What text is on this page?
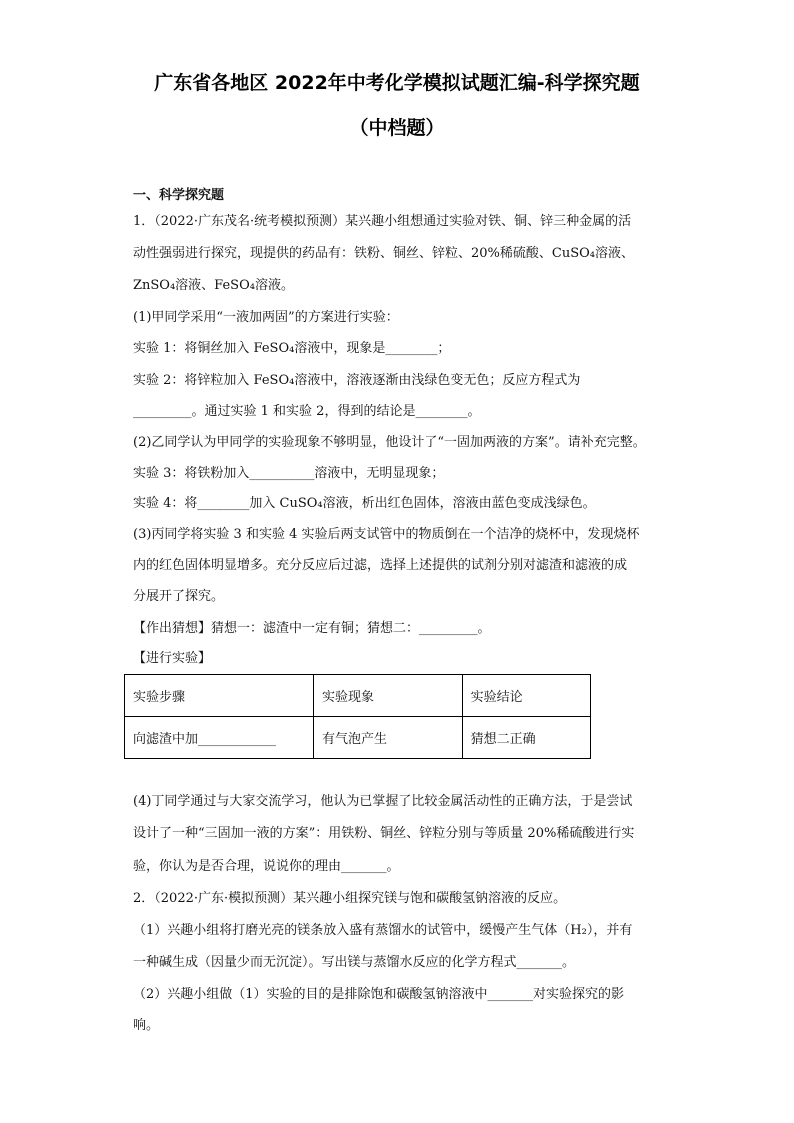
广东省各地区 2022年中考化学模拟试题汇编-科学探究题
（中档题）
一、科学探究题
1．（2022·广东茂名·统考模拟预测）某兴趣小组想通过实验对铁、铜、锌三种金属的活
动性强弱进行探究，现提供的药品有：铁粉、铜丝、锌粒、20%稀硫酸、CuSO₄溶液、
ZnSO₄溶液、FeSO₄溶液。
(1)甲同学采用“一液加两固”的方案进行实验：
实验 1：将铜丝加入 FeSO₄溶液中，现象是________；
实验 2：将锌粒加入 FeSO₄溶液中，溶液逐渐由浅绿色变无色；反应方程式为
_________。通过实验 1 和实验 2，得到的结论是________。
(2)乙同学认为甲同学的实验现象不够明显，他设计了“一固加两液的方案”。请补充完整。
实验 3：将铁粉加入__________溶液中，无明显现象；
实验 4：将________加入 CuSO₄溶液，析出红色固体，溶液由蓝色变成浅绿色。
(3)丙同学将实验 3 和实验 4 实验后两支试管中的物质倒在一个洁净的烧杯中，发现烧杯
内的红色固体明显增多。充分反应后过滤，选择上述提供的试剂分别对滤渣和滤液的成
分展开了探究。
【作出猜想】猜想一：滤渣中一定有铜；猜想二：_________。
【进行实验】
实验步骤	实验现象	实验结论
向滤渣中加____________	有气泡产生	猜想二正确
(4)丁同学通过与大家交流学习，他认为已掌握了比较金属活动性的正确方法，于是尝试
设计了一种“三固加一液的方案”：用铁粉、铜丝、锌粒分别与等质量 20%稀硫酸进行实
验，你认为是否合理，说说你的理由_______。
2．（2022·广东·模拟预测）某兴趣小组探究镁与饱和碳酸氢钠溶液的反应。
（1）兴趣小组将打磨光亮的镁条放入盛有蒸馏水的试管中，缓慢产生气体（H₂），并有
一种碱生成（因量少而无沉淀）。写出镁与蒸馏水反应的化学方程式_______。
（2）兴趣小组做（1）实验的目的是排除饱和碳酸氢钠溶液中_______对实验探究的影
响。
